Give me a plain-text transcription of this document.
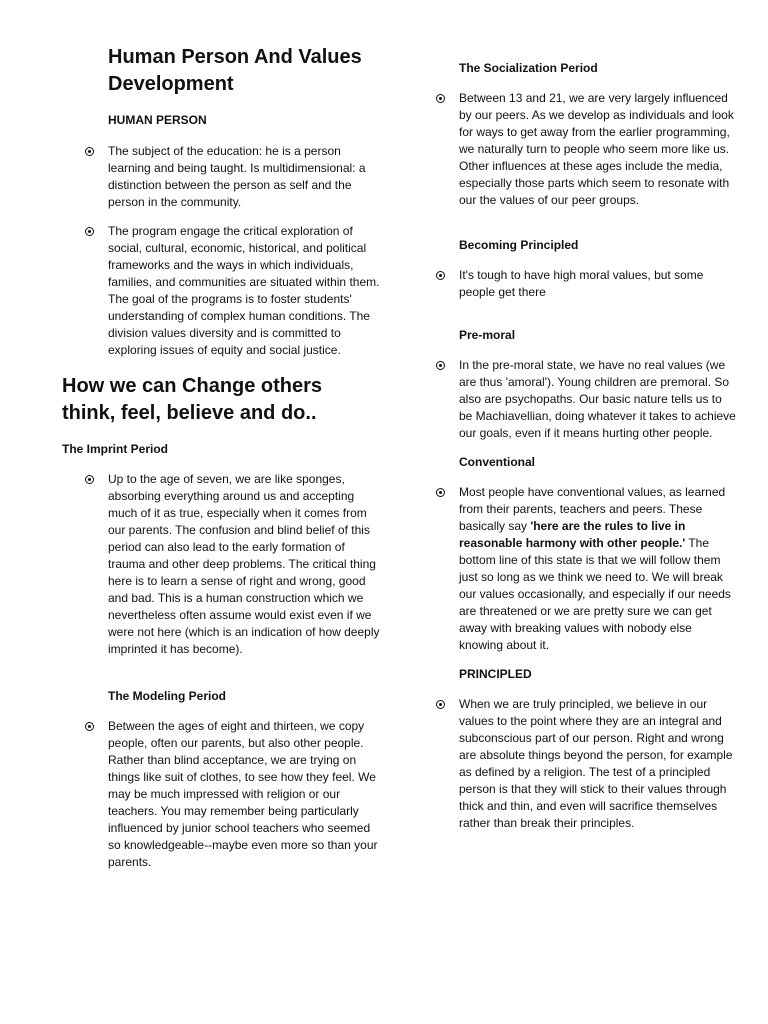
Human Person And Values Development
HUMAN PERSON

The subject of the education: he is a person learning and being taught. Is multidimensional: a distinction between the person as self and the person in the community.

The program engage the critical exploration of social, cultural, economic, historical, and political frameworks and the ways in which individuals, families, and communities are situated within them. The goal of the programs is to foster students' understanding of complex human conditions. The division values diversity and is committed to exploring issues of equity and social justice.

How we can Change others think, feel, believe and do..
The Imprint Period

Up to the age of seven, we are like sponges, absorbing everything around us and accepting much of it as true, especially when it comes from our parents. The confusion and blind belief of this period can also lead to the early formation of trauma and other deep problems. The critical thing here is to learn a sense of right and wrong, good and bad. This is a human construction which we nevertheless often assume would exist even if we were not here (which is an indication of how deeply imprinted it has become).

The Modeling Period

Between the ages of eight and thirteen, we copy people, often our parents, but also other people. Rather than blind acceptance, we are trying on things like suit of clothes, to see how they feel. We may be much impressed with religion or our teachers. You may remember being particularly influenced by junior school teachers who seemed so knowledgeable--maybe even more so than your parents.

The Socialization Period

Between 13 and 21, we are very largely influenced by our peers. As we develop as individuals and look for ways to get away from the earlier programming, we naturally turn to people who seem more like us. Other influences at these ages include the media, especially those parts which seem to resonate with our the values of our peer groups.

Becoming Principled

It's tough to have high moral values, but some people get there

Pre-moral

In the pre-moral state, we have no real values (we are thus 'amoral'). Young children are premoral. So also are psychopaths. Our basic nature tells us to be Machiavellian, doing whatever it takes to achieve our goals, even if it means hurting other people.

Conventional

Most people have conventional values, as learned from their parents, teachers and peers. These basically say 'here are the rules to live in reasonable harmony with other people.' The bottom line of this state is that we will follow them just so long as we think we need to. We will break our values occasionally, and especially if our needs are threatened or we are pretty sure we can get away with breaking values with nobody else knowing about it.

PRINCIPLED

When we are truly principled, we believe in our values to the point where they are an integral and subconscious part of our person. Right and wrong are absolute things beyond the person, for example as defined by a religion. The test of a principled person is that they will stick to their values through thick and thin, and even will sacrifice themselves rather than break their principles.
